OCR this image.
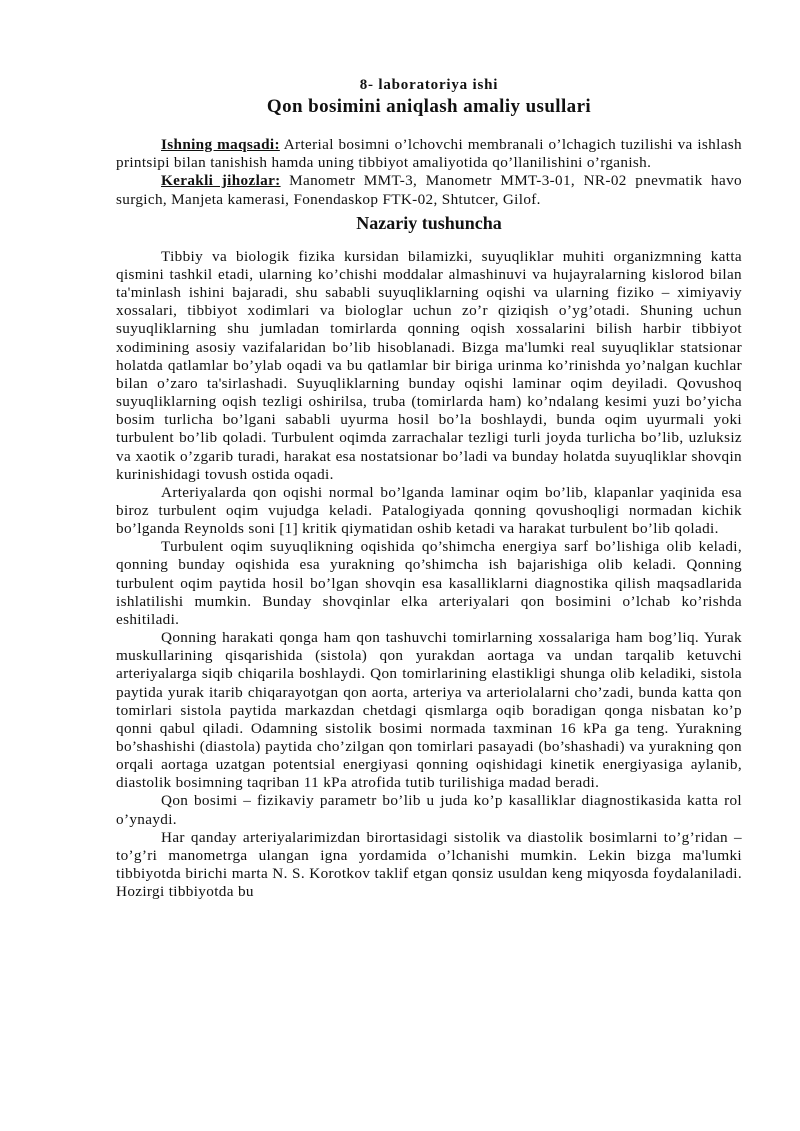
8- laboratoriya ishi
Qon bosimini aniqlash amaliy usullari

Ishning maqsadi: Arterial bosimni o’lchovchi membranali o’lchagich tuzilishi va ishlash printsipi bilan tanishish hamda uning tibbiyot amaliyotida qo’llanilishini o’rganish.

Kerakli jihozlar: Manometr MMT-3, Manometr MMT-3-01, NR-02 pnevmatik havo surgich, Manjeta kamerasi, Fonendaskop FTK-02, Shtutcer, Gilof.

Nazariy tushuncha

Tibbiy va biologik fizika kursidan bilamizki, suyuqliklar muhiti organizmning katta qismini tashkil etadi, ularning ko’chishi moddalar almashinuvi va hujayralarning kislorod bilan ta'minlash ishini bajaradi, shu sababli suyuqliklarning oqishi va ularning fiziko – ximiyaviy xossalari, tibbiyot xodimlari va biologlar uchun zo’r qiziqish o’yg’otadi. Shuning uchun suyuqliklarning shu jumladan tomirlarda qonning oqish xossalarini bilish harbir tibbiyot xodimining asosiy vazifalaridan bo’lib hisoblanadi. Bizga ma'lumki real suyuqliklar statsionar holatda qatlamlar bo’ylab oqadi va bu qatlamlar bir biriga urinma ko’rinishda yo’nalgan kuchlar bilan o’zaro ta'sirlashadi. Suyuqliklarning bunday oqishi laminar oqim deyiladi. Qovushoq suyuqliklarning oqish tezligi oshirilsa, truba (tomirlarda ham) ko’ndalang kesimi yuzi bo’yicha bosim turlicha bo’lgani sababli uyurma hosil bo’la boshlaydi, bunda oqim uyurmali yoki turbulent bo’lib qoladi. Turbulent oqimda zarrachalar tezligi turli joyda turlicha bo’lib, uzluksiz va xaotik o’zgarib turadi, harakat esa nostatsionar bo’ladi va bunday holatda suyuqliklar shovqin kurinishidagi tovush ostida oqadi.

Arteriyalarda qon oqishi normal bo’lganda laminar oqim bo’lib, klapanlar yaqinida esa biroz turbulent oqim vujudga keladi. Patalogiyada qonning qovushoqligi normadan kichik bo’lganda Reynolds soni [1] kritik qiymatidan oshib ketadi va harakat turbulent bo’lib qoladi.

Turbulent oqim suyuqlikning oqishida qo’shimcha energiya sarf bo’lishiga olib keladi, qonning bunday oqishida esa yurakning qo’shimcha ish bajarishiga olib keladi. Qonning turbulent oqim paytida hosil bo’lgan shovqin esa kasalliklarni diagnostika qilish maqsadlarida ishlatilishi mumkin. Bunday shovqinlar elka arteriyalari qon bosimini o’lchab ko’rishda eshitiladi.

Qonning harakati qonga ham qon tashuvchi tomirlarning xossalariga ham bog’liq. Yurak muskullarining qisqarishida (sistola) qon yurakdan aortaga va undan tarqalib ketuvchi arteriyalarga siqib chiqarila boshlaydi. Qon tomirlarining elastikligi shunga olib keladiki, sistola paytida yurak itarib chiqarayotgan qon aorta, arteriya va arteriolalarni cho’zadi, bunda katta qon tomirlari sistola paytida markazdan chetdagi qismlarga oqib boradigan qonga nisbatan ko’p qonni qabul qiladi. Odamning sistolik bosimi normada taxminan 16 kPa ga teng. Yurakning bo’shashishi (diastola) paytida cho’zilgan qon tomirlari pasayadi (bo’shashadi) va yurakning qon orqali aortaga uzatgan potentsial energiyasi qonning oqishidagi kinetik energiyasiga aylanib, diastolik bosimning taqriban 11 kPa atrofida tutib turilishiga madad beradi.

Qon bosimi – fizikaviy parametr bo’lib u juda ko’p kasalliklar diagnostikasida katta rol o’ynaydi.

Har qanday arteriyalarimizdan birortasidagi sistolik va diastolik bosimlarni to’g’ridan – to’g’ri manometrga ulangan igna yordamida o’lchanishi mumkin. Lekin bizga ma'lumki tibbiyotda birichi marta N. S. Korotkov taklif etgan qonsiz usuldan keng miqyosda foydalaniladi. Hozirgi tibbiyotda bu
